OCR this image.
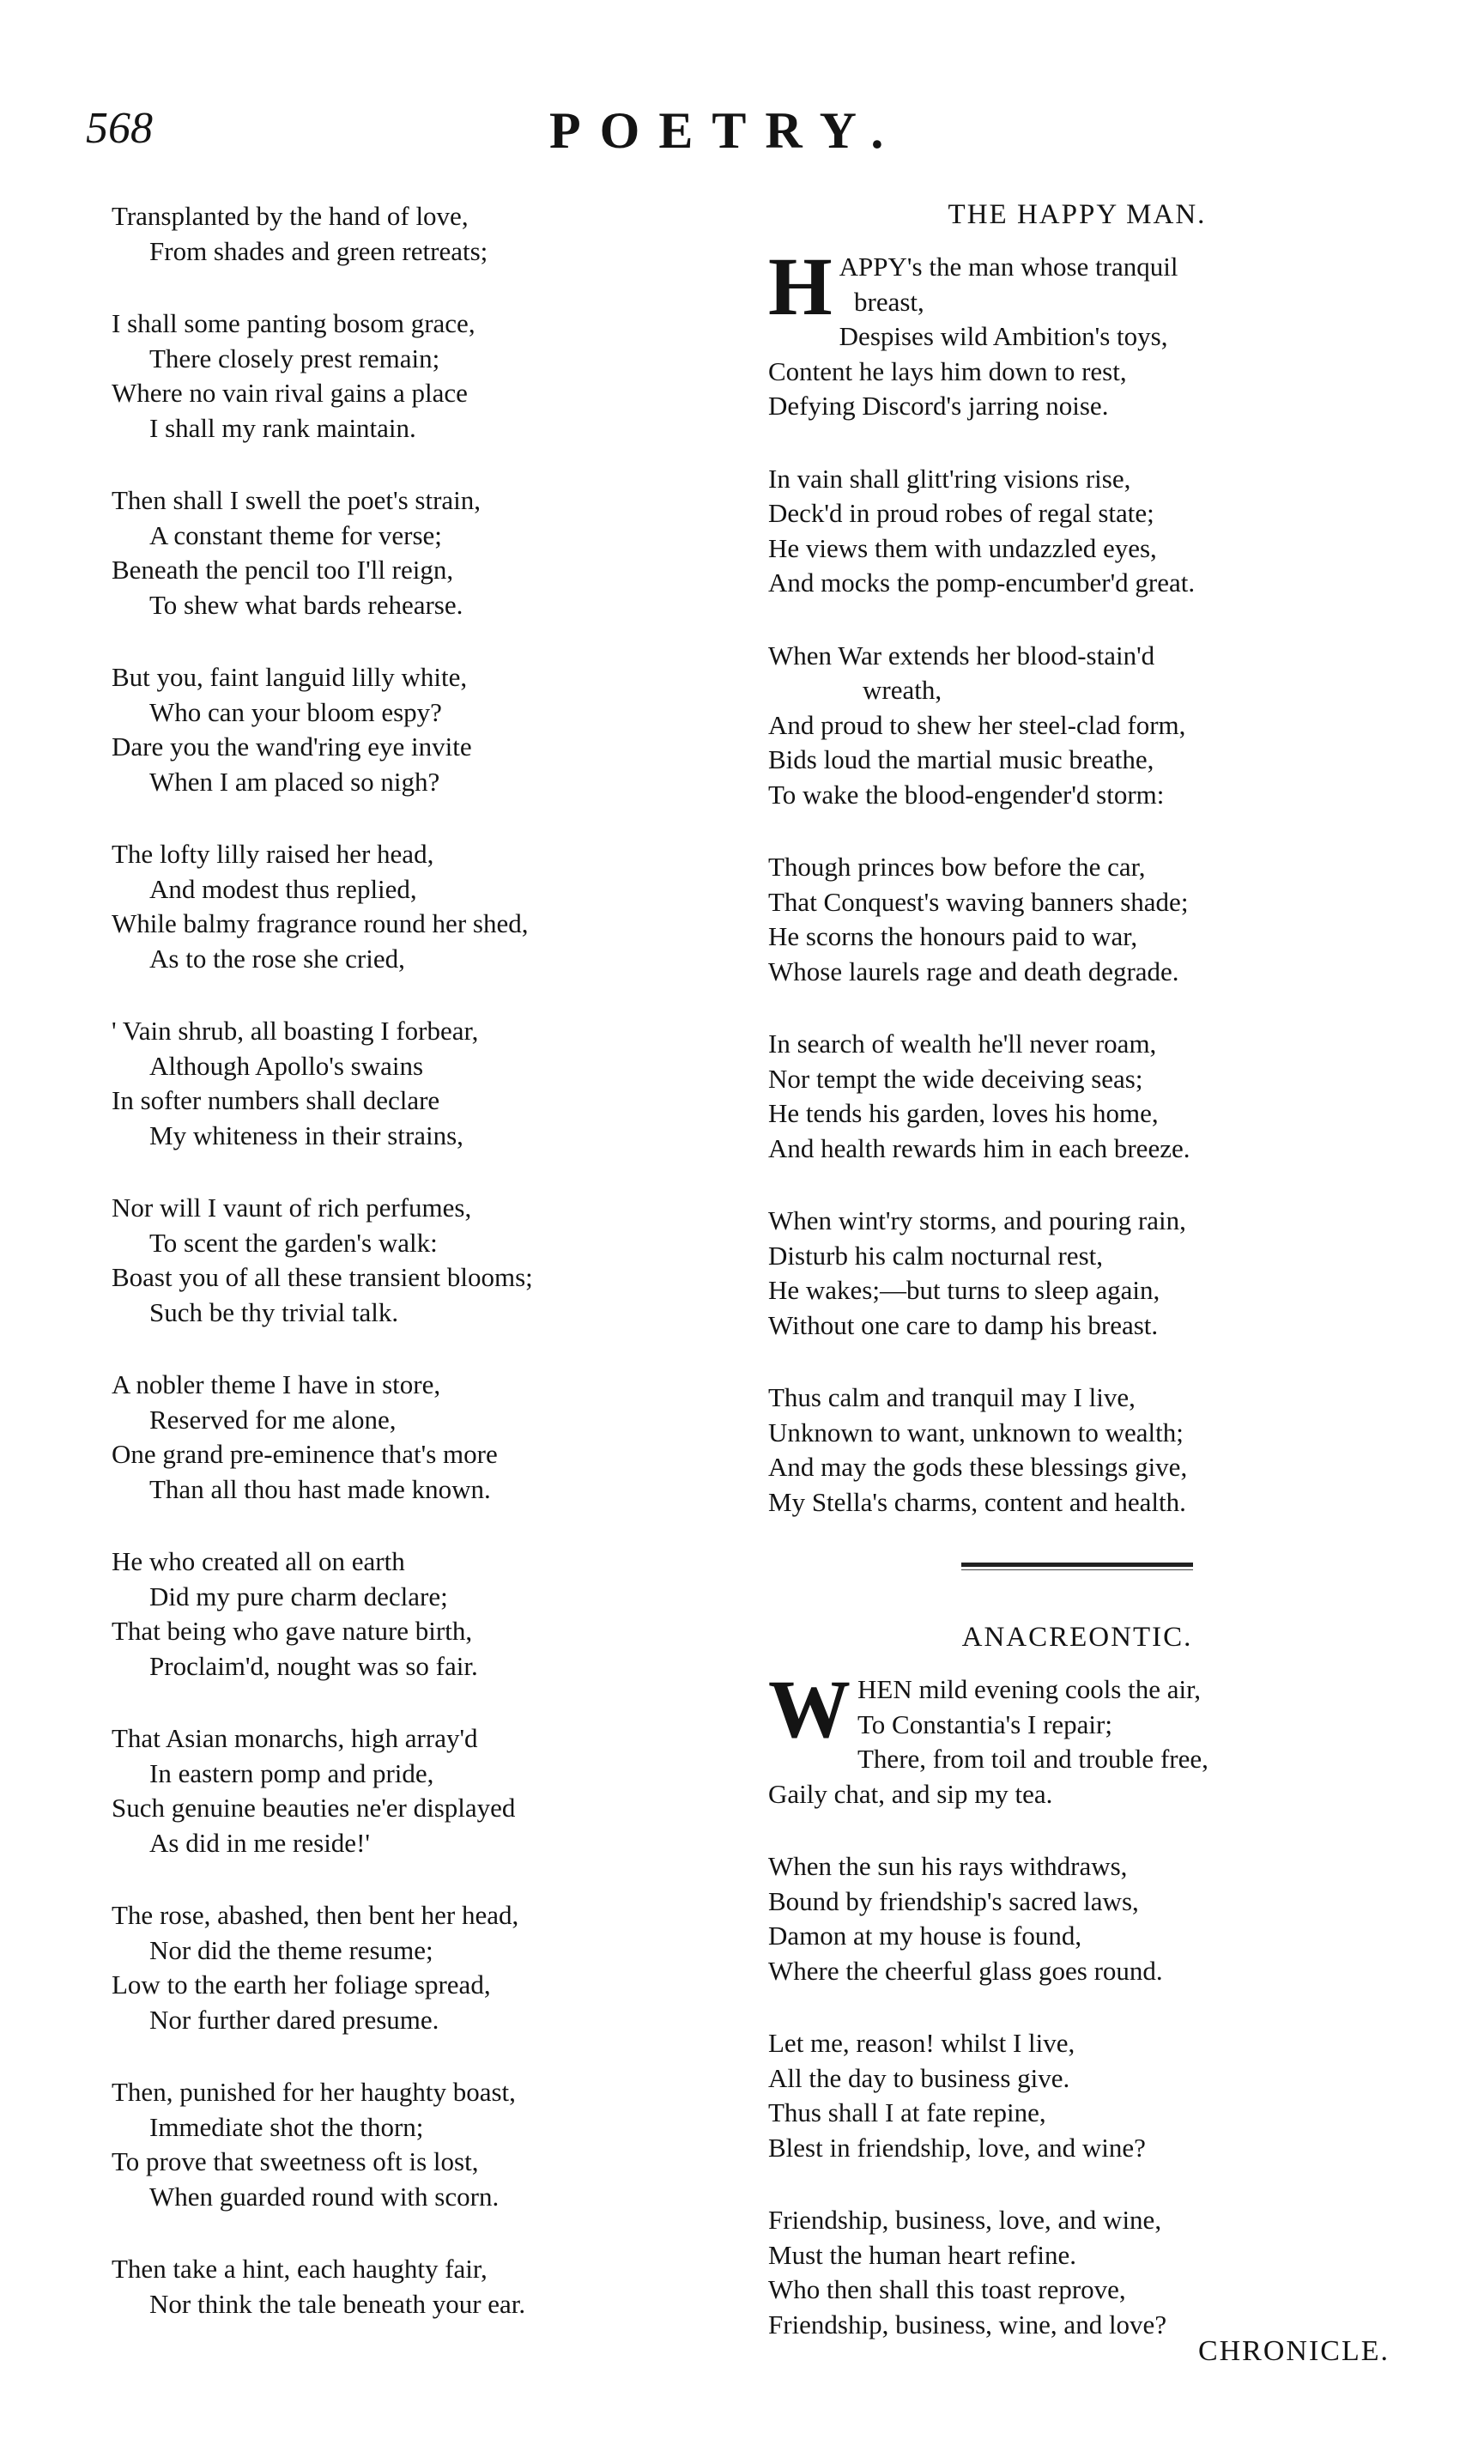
568	POETRY.
Transplanted by the hand of love,
From shades and green retreats;
I shall some panting bosom grace,
There closely prest remain;
Where no vain rival gains a place
I shall my rank maintain.
Then shall I swell the poet's strain,
A constant theme for verse;
Beneath the pencil too I'll reign,
To shew what bards rehearse.
But you, faint languid lilly white,
Who can your bloom espy?
Dare you the wand'ring eye invite
When I am placed so nigh?
The lofty lilly raised her head,
And modest thus replied,
While balmy fragrance round her shed,
As to the rose she cried,
' Vain shrub, all boasting I forbear,
Although Apollo's swains
In softer numbers shall declare
My whiteness in their strains,
Nor will I vaunt of rich perfumes,
To scent the garden's walk:
Boast you of all these transient blooms;
Such be thy trivial talk.
A nobler theme I have in store,
Reserved for me alone,
One grand pre-eminence that's more
Than all thou hast made known.
He who created all on earth
Did my pure charm declare;
That being who gave nature birth,
Proclaim'd, nought was so fair.
That Asian monarchs, high array'd
In eastern pomp and pride,
Such genuine beauties ne'er displayed
As did in me reside!'
The rose, abashed, then bent her head,
Nor did the theme resume;
Low to the earth her foliage spread,
Nor further dared presume.
Then, punished for her haughty boast,
Immediate shot the thorn;
To prove that sweetness oft is lost,
When guarded round with scorn.
Then take a hint, each haughty fair,
Nor think the tale beneath your ear.
THE HAPPY MAN.
H APPY's the man whose tranquil
breast,
Despises wild Ambition's toys,
Content he lays him down to rest,
Defying Discord's jarring noise.
In vain shall glitt'ring visions rise,
Deck'd in proud robes of regal state;
He views them with undazzled eyes,
And mocks the pomp-encumber'd great.
When War extends her blood-stain'd
wreath,
And proud to shew her steel-clad form,
Bids loud the martial music breathe,
To wake the blood-engender'd storm:
Though princes bow before the car,
That Conquest's waving banners shade;
He scorns the honours paid to war,
Whose laurels rage and death degrade.
In search of wealth he'll never roam,
Nor tempt the wide deceiving seas;
He tends his garden, loves his home,
And health rewards him in each breeze.
When wint'ry storms, and pouring rain,
Disturb his calm nocturnal rest,
He wakes;—but turns to sleep again,
Without one care to damp his breast.
Thus calm and tranquil may I live,
Unknown to want, unknown to wealth;
And may the gods these blessings give,
My Stella's charms, content and health.
ANACREONTIC.
W HEN mild evening cools the air,
To Constantia's I repair;
There, from toil and trouble free,
Gaily chat, and sip my tea.
When the sun his rays withdraws,
Bound by friendship's sacred laws,
Damon at my house is found,
Where the cheerful glass goes round.
Let me, reason! whilst I live,
All the day to business give.
Thus shall I at fate repine,
Blest in friendship, love, and wine?
Friendship, business, love, and wine,
Must the human heart refine.
Who then shall this toast reprove,
Friendship, business, wine, and love?
CHRONICLE.
